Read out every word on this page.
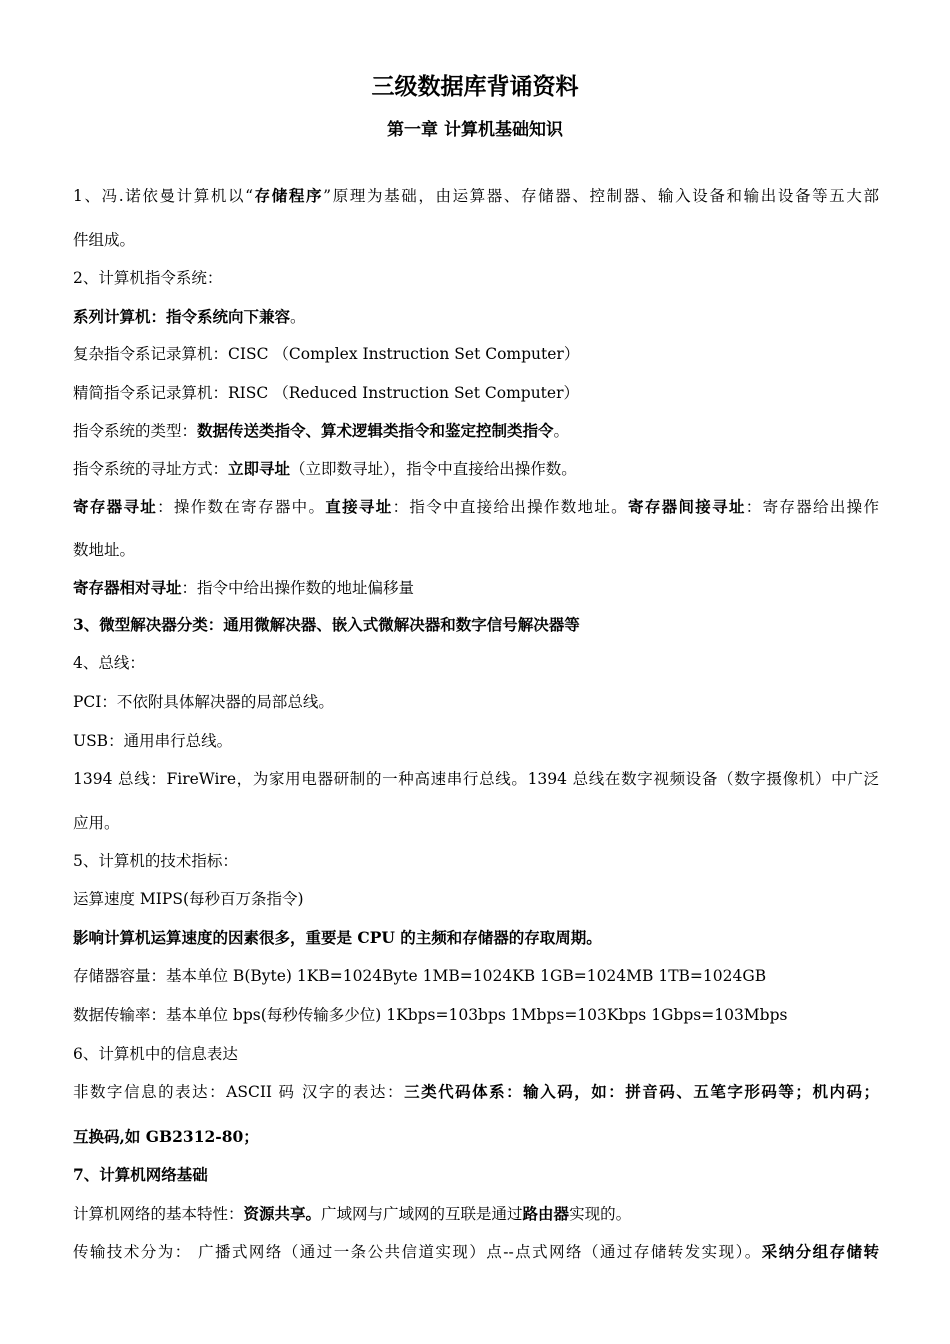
三级数据库背诵资料
第一章 计算机基础知识
1、冯.诺依曼计算机以“存储程序”原理为基础，由运算器、存储器、控制器、输入设备和输出设备等五大部
件组成。
2、计算机指令系统：
系列计算机：指令系统向下兼容。
复杂指令系记录算机：CISC （Complex Instruction Set Computer）
精简指令系记录算机：RISC （Reduced Instruction Set Computer）
指令系统的类型：数据传送类指令、算术逻辑类指令和鉴定控制类指令。
指令系统的寻址方式：立即寻址（立即数寻址），指令中直接给出操作数。
寄存器寻址：操作数在寄存器中。直接寻址：指令中直接给出操作数地址。寄存器间接寻址：寄存器给出操作
数地址。
寄存器相对寻址：指令中给出操作数的地址偏移量
3、微型解决器分类：通用微解决器、嵌入式微解决器和数字信号解决器等
4、总线：
PCI：不依附具体解决器的局部总线。
USB：通用串行总线。
1394 总线：FireWire，为家用电器研制的一种高速串行总线。1394 总线在数字视频设备（数字摄像机）中广泛
应用。
5、计算机的技术指标：
运算速度 MIPS(每秒百万条指令)
影响计算机运算速度的因素很多，重要是 CPU 的主频和存储器的存取周期。
存储器容量：基本单位 B(Byte) 1KB=1024Byte 1MB=1024KB 1GB=1024MB 1TB=1024GB
数据传输率：基本单位 bps(每秒传输多少位) 1Kbps=103bps 1Mbps=103Kbps 1Gbps=103Mbps
6、计算机中的信息表达
非数字信息的表达：ASCII 码 汉字的表达：三类代码体系：输入码，如：拼音码、五笔字形码等；机内码；
互换码,如 GB2312-80；
7、计算机网络基础
计算机网络的基本特性：资源共享。广域网与广域网的互联是通过路由器实现的。
传输技术分为： 广播式网络（通过一条公共信道实现）点--点式网络（通过存储转发实现）。采纳分组存储转
